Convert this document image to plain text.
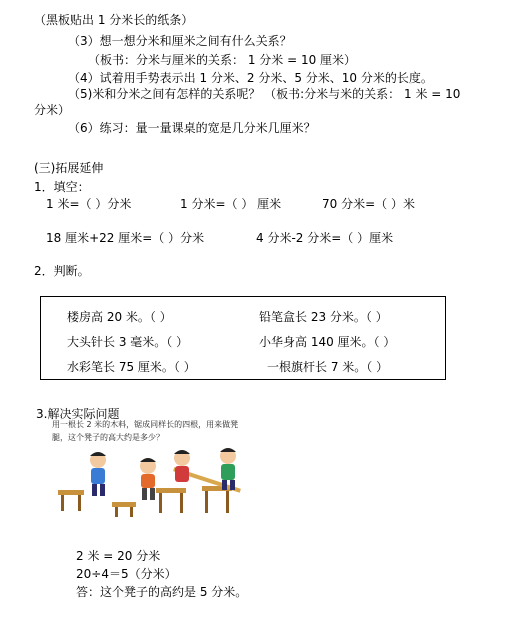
（黑板贴出 1 分米长的纸条）
（3）想一想分米和厘米之间有什么关系？
（板书：分米与厘米的关系： 1 分米 = 10 厘米）
（4）试着用手势表示出 1 分米、2 分米、5 分米、10 分米的长度。
（5)米和分米之间有怎样的关系呢？ （板书:分米与米的关系： 1 米 = 10
分米）
（6）练习：量一量课桌的宽是几分米几厘米？
(三)拓展延伸
1．填空：
1 米=（ ）分米	1 分米=（ ） 厘米	70 分米=（ ）米
18 厘米+22 厘米=（ ）分米	4 分米-2 分米=（ ）厘米
2．判断。
楼房高 20 米。（ ）	铅笔盒长 23 分米。（ ）
大头针长 3 毫米。（ ）	小华身高 140 厘米。（ ）
水彩笔长 75 厘米。（ ）	一根旗杆长 7 米。（ ）
3.解决实际问题
用一根长 2 米的木料，锯成同样长的四根，用来做凳腿，这个凳子的高大约是多少？
2 米 = 20 分米
20÷4＝5（分米）
答：这个凳子的高约是 5 分米。
